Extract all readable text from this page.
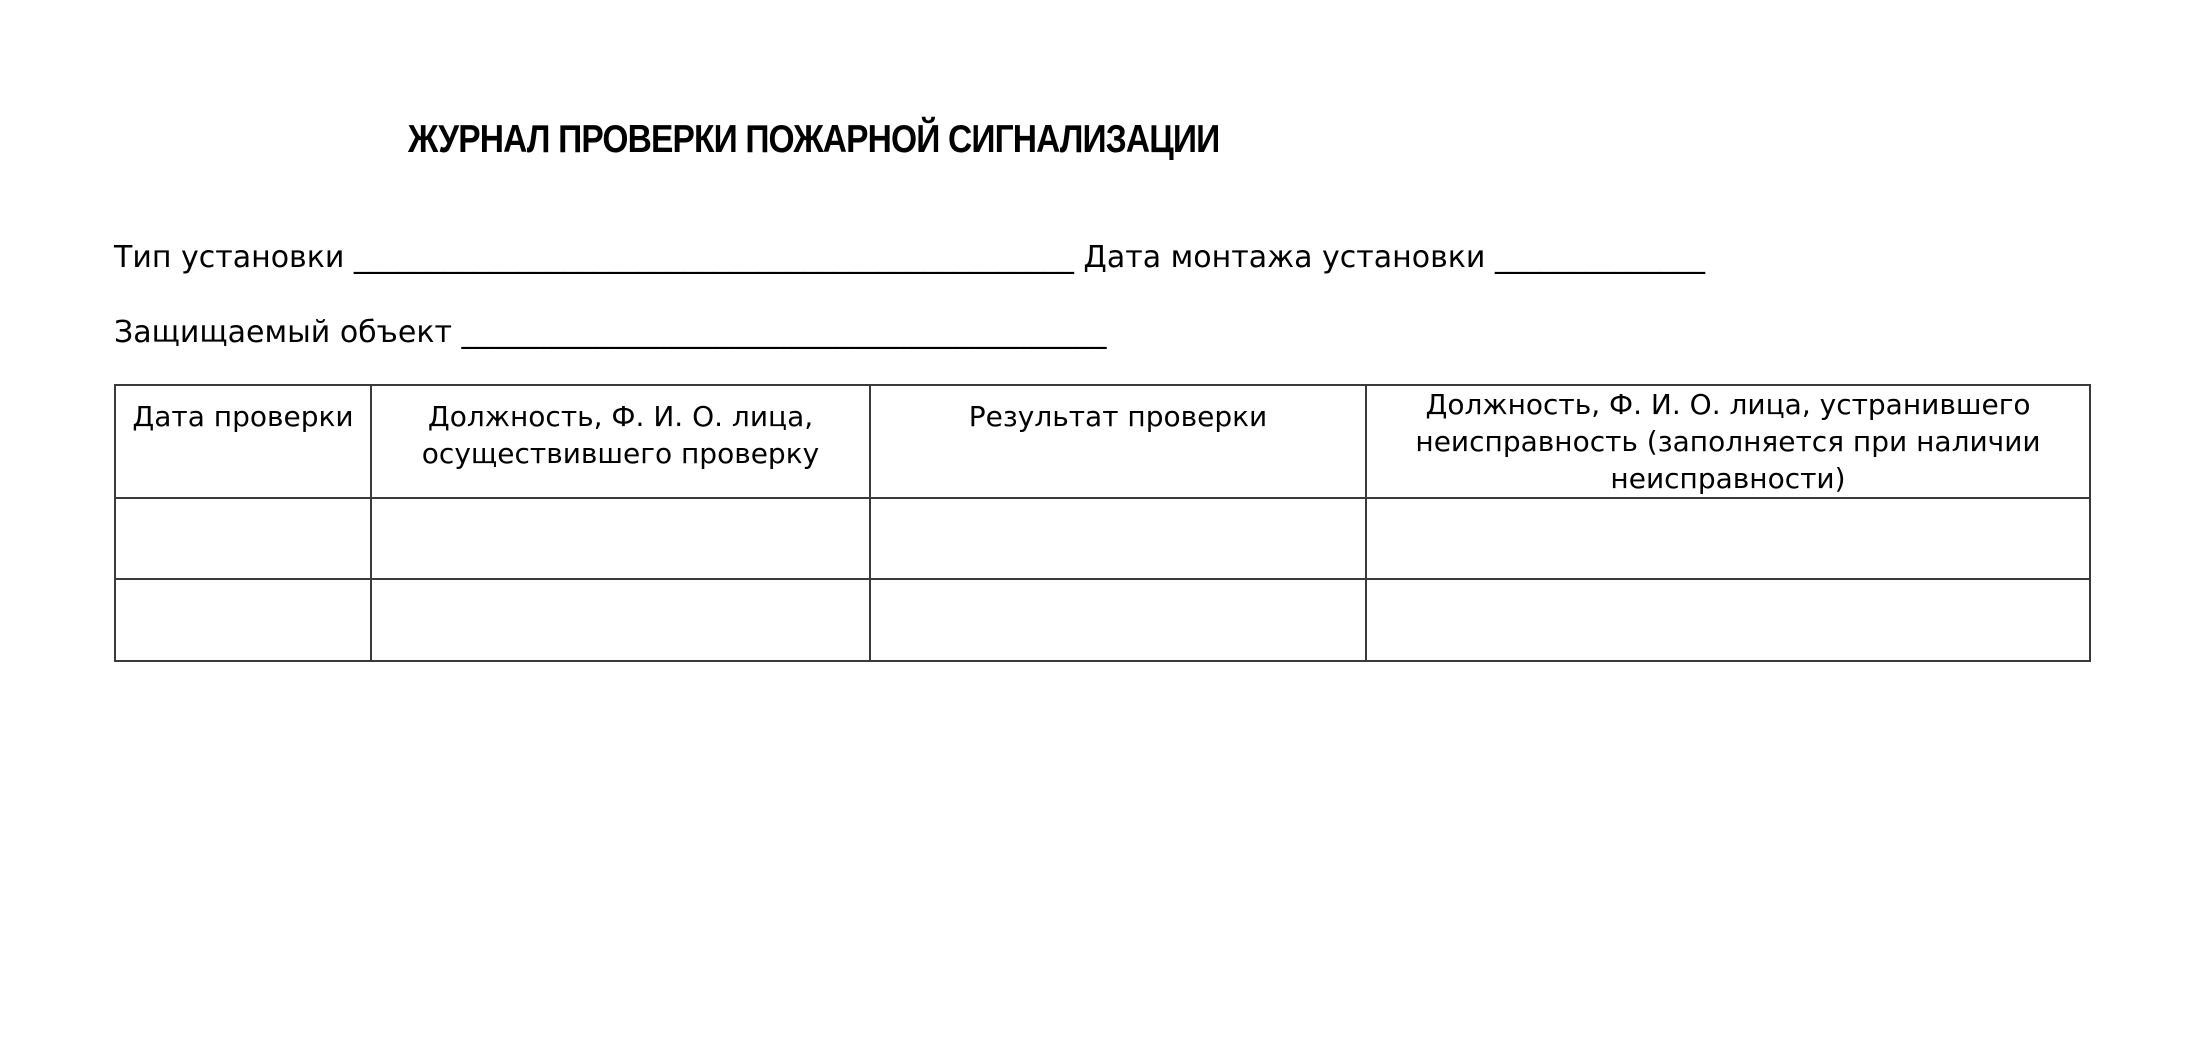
ЖУРНАЛ ПРОВЕРКИ ПОЖАРНОЙ СИГНАЛИЗАЦИИ
Тип установки ________________________________________________ Дата монтажа установки ______________
Защищаемый объект ___________________________________________
Дата проверки	Должность, Ф. И. О. лица, осуществившего проверку	Результат проверки	Должность, Ф. И. О. лица, устранившего неисправность (заполняется при наличии неисправности)
